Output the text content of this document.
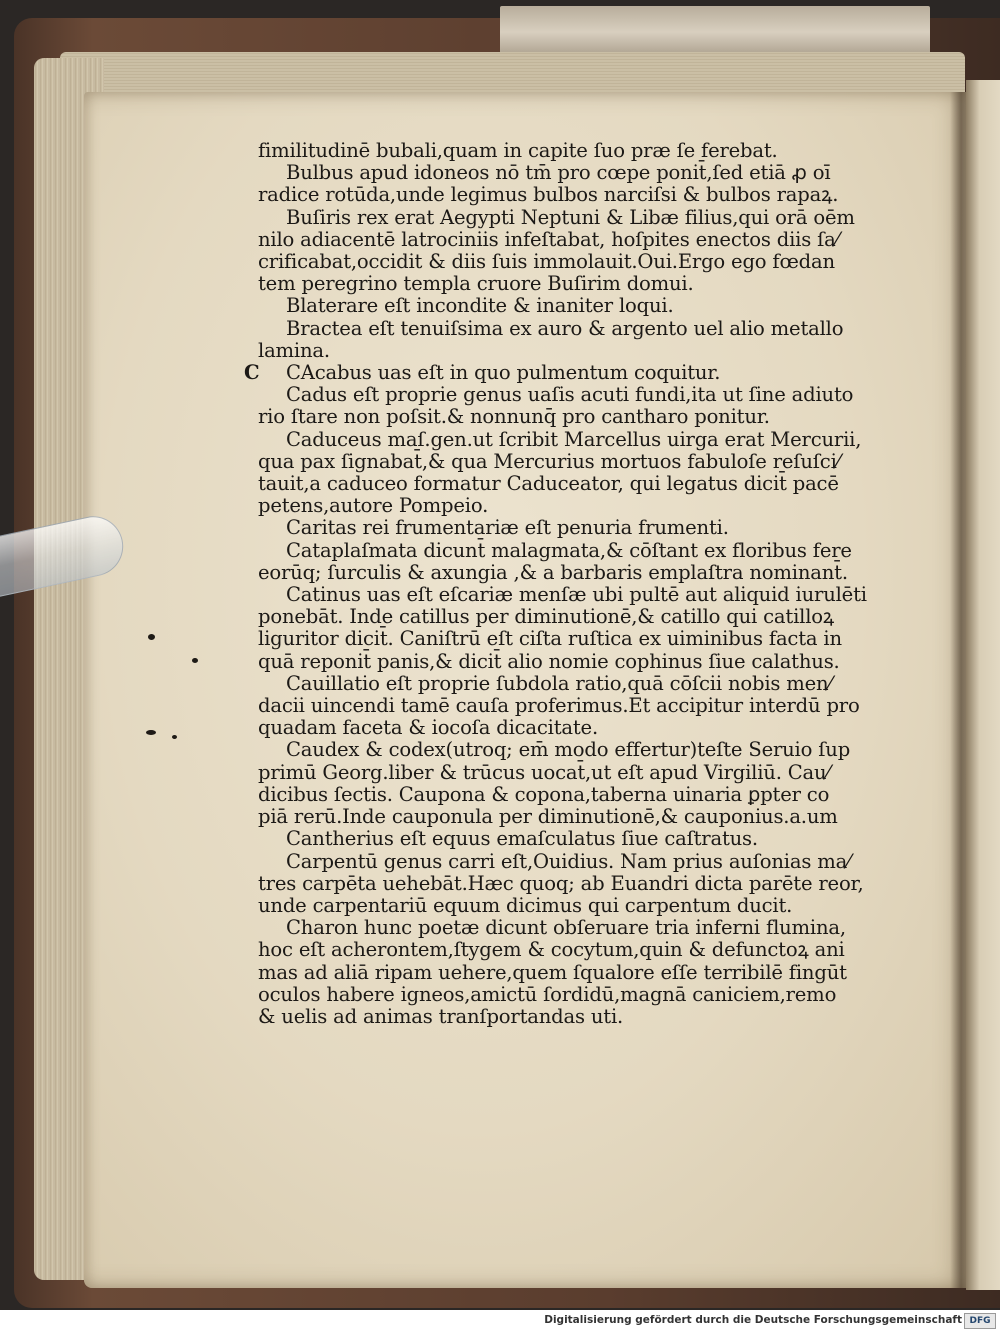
fimilitudinē bubali,quam in capite ſuo præ ſe ferebat.
Bulbus apud idoneos nō tm̄ pro cœpe ponit̄,ſed etiā ꝓ oī
radice rotūda,unde legimus bulbos narciſsi & bulbos rapaꝝ.
Buſiris rex erat Aegypti Neptuni & Libæ filius,qui orā oēm
nilo adiacentē latrociniis infeſtabat, hoſpites enectos diis ſa⁄
crificabat,occidit & diis ſuis immolauit.Oui.Ergo ego fœdan
tem peregrino templa cruore Buſirim domui.
Blaterare eſt incondite & inaniter loqui.
Bractea eſt tenuiſsima ex auro & argento uel alio metallo
lamina.
C CAcabus uas eſt in quo pulmentum coquitur.
Cadus eſt proprie genus uaſis acuti fundi,ita ut ſine adiuto
rio ſtare non poſsit.& nonnunq̄ pro cantharo ponitur.
Caduceus maſ.gen.ut ſcribit Marcellus uirga erat Mercurii,
qua pax ſignabat̄,& qua Mercurius mortuos fabuloſe reſuſci⁄
tauit,a caduceo formatur Caduceator, qui legatus dicit̄ pacē
petens,autore Pompeio.
Caritas rei frumentariæ eſt penuria frumenti.
Cataplaſmata dicunt̄ malagmata,& cōſtant ex floribus fere
eorūq; ſurculis & axungia ,& a barbaris emplaſtra nominant̄.
Catinus uas eſt eſcariæ menſæ ubi pultē aut aliquid iurulēti
ponebāt. Inde catillus per diminutionē,& catillo qui catilloꝝ
liguritor dicit̄. Caniſtrū eſt ciſta ruſtica ex uiminibus facta in
quā reponit̄ panis,& dicit̄ alio nomie cophinus ſiue calathus.
Cauillatio eſt proprie ſubdola ratio,quā cōſcii nobis men⁄
dacii uincendi tamē cauſa proferimus.Et accipitur interdū pro
quadam faceta & iocoſa dicacitate.
Caudex & codex(utroq; em̄ modo effertur)teſte Seruio ſup
primū Georg.liber & trūcus uocat̄,ut eſt apud Virgiliū. Cau⁄
dicibus ſectis. Caupona & copona,taberna uinaria ꝑpter co
piā rerū.Inde cauponula per diminutionē,& cauponius.a.um
Cantherius eſt equus emaſculatus ſiue caſtratus.
Carpentū genus carri eſt,Ouidius. Nam prius auſonias ma⁄
tres carpēta uehebāt.Hæc quoq; ab Euandri dicta parēte reor,
unde carpentariū equum dicimus qui carpentum ducit.
Charon hunc poetæ dicunt obſeruare tria inferni flumina,
hoc eſt acherontem,ſtygem & cocytum,quin & defunctoꝝ ani
mas ad aliā ripam uehere,quem ſqualore eſſe terribilē fingūt
oculos habere igneos,amictū ſordidū,magnā caniciem,remo
& uelis ad animas tranſportandas uti.
Digitalisierung gefördert durch die Deutsche Forschungsgemeinschaft DFG
